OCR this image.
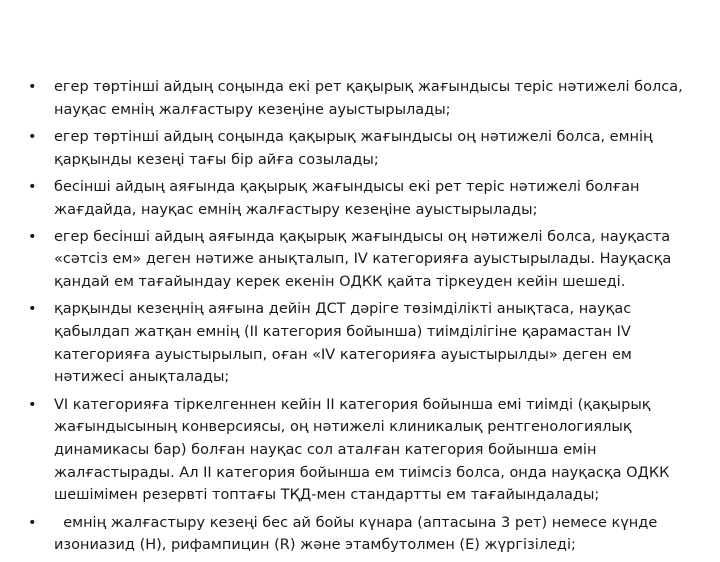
•	егер төртінші айдың соңында екі рет қақырық жағындысы теріс нәтижелі болса, науқас емнің жалғастыру кезеңіне ауыстырылады;
•	егер төртінші айдың соңында қақырық жағындысы оң нәтижелі болса, емнің қарқынды кезеңі тағы бір айға созылады;
•	бесінші айдың аяғында қақырық жағындысы екі рет теріс нәтижелі болған жағдайда, науқас емнің жалғастыру кезеңіне ауыстырылады;
•	егер бесінші айдың аяғында қақырық жағындысы оң нәтижелі болса, науқаста «сәтсіз ем» деген нәтиже анықталып, IV категорияға ауыстырылады. Науқасқа қандай ем тағайындау керек екенін ОДКК қайта тіркеуден кейін шешеді.
•	қарқынды кезеңнің аяғына дейін ДСТ дәріге төзімділікті анықтаса, науқас қабылдап жатқан емнің (II категория бойынша) тиімділігіне қарамастан IV категорияға ауыстырылып, оған «IV категорияға ауыстырылды» деген ем нәтижесі анықталады;
•	VI категорияға тіркелгеннен кейін II категория бойынша емі тиімді (қақырық жағындысының конверсиясы, оң нәтижелі клиникалық рентгенологиялық динамикасы бар) болған науқас сол аталған категория бойынша емін жалғастырады. Ал II категория бойынша ем тиімсіз болса, онда науқасқа ОДКК шешімімен резервті топтағы ТҚД-мен стандартты ем тағайындалады;
•	емнің жалғастыру кезеңі бес ай бойы күнара (аптасына 3 рет) немесе күнде изониазид (H), рифампицин (R) және этамбутолмен (E) жүргізіледі;
